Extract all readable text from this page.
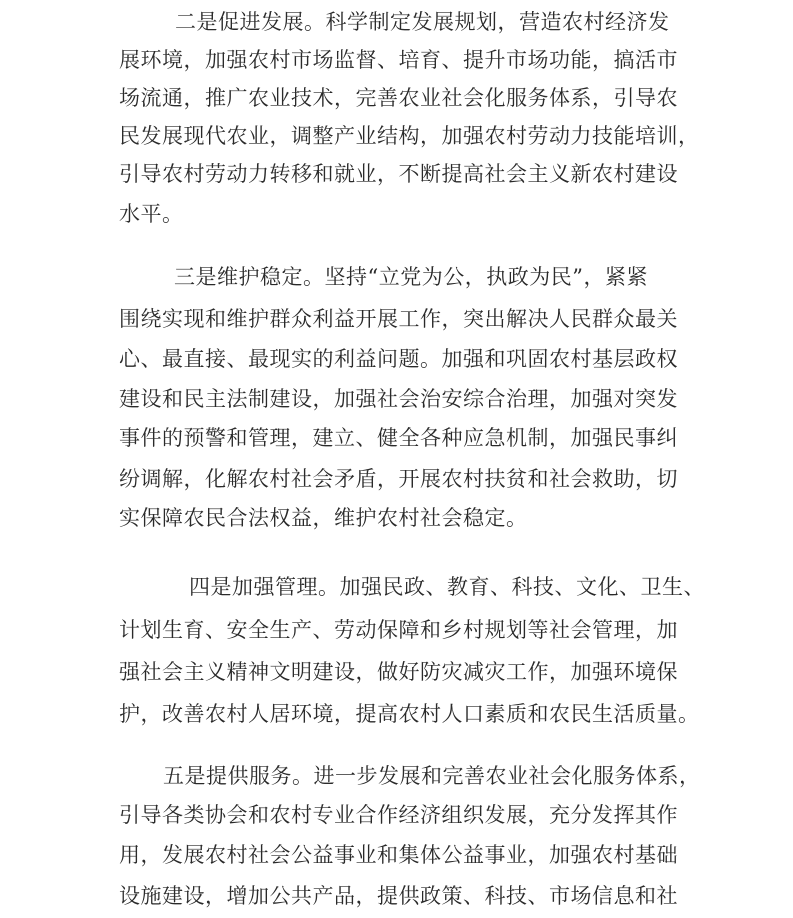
二是促进发展。科学制定发展规划，营造农村经济发
展环境，加强农村市场监督、培育、提升市场功能，搞活市
场流通，推广农业技术，完善农业社会化服务体系，引导农
民发展现代农业，调整产业结构，加强农村劳动力技能培训，
引导农村劳动力转移和就业，不断提高社会主义新农村建设
水平。
三是维护稳定。坚持“立党为公，执政为民”，紧紧
围绕实现和维护群众利益开展工作，突出解决人民群众最关
心、最直接、最现实的利益问题。加强和巩固农村基层政权
建设和民主法制建设，加强社会治安综合治理，加强对突发
事件的预警和管理，建立、健全各种应急机制，加强民事纠
纷调解，化解农村社会矛盾，开展农村扶贫和社会救助，切
实保障农民合法权益，维护农村社会稳定。
四是加强管理。加强民政、教育、科技、文化、卫生、
计划生育、安全生产、劳动保障和乡村规划等社会管理，加
强社会主义精神文明建设，做好防灾减灾工作，加强环境保
护，改善农村人居环境，提高农村人口素质和农民生活质量。
五是提供服务。进一步发展和完善农业社会化服务体系，
引导各类协会和农村专业合作经济组织发展，充分发挥其作
用，发展农村社会公益事业和集体公益事业，加强农村基础
设施建设，增加公共产品，提供政策、科技、市场信息和社
